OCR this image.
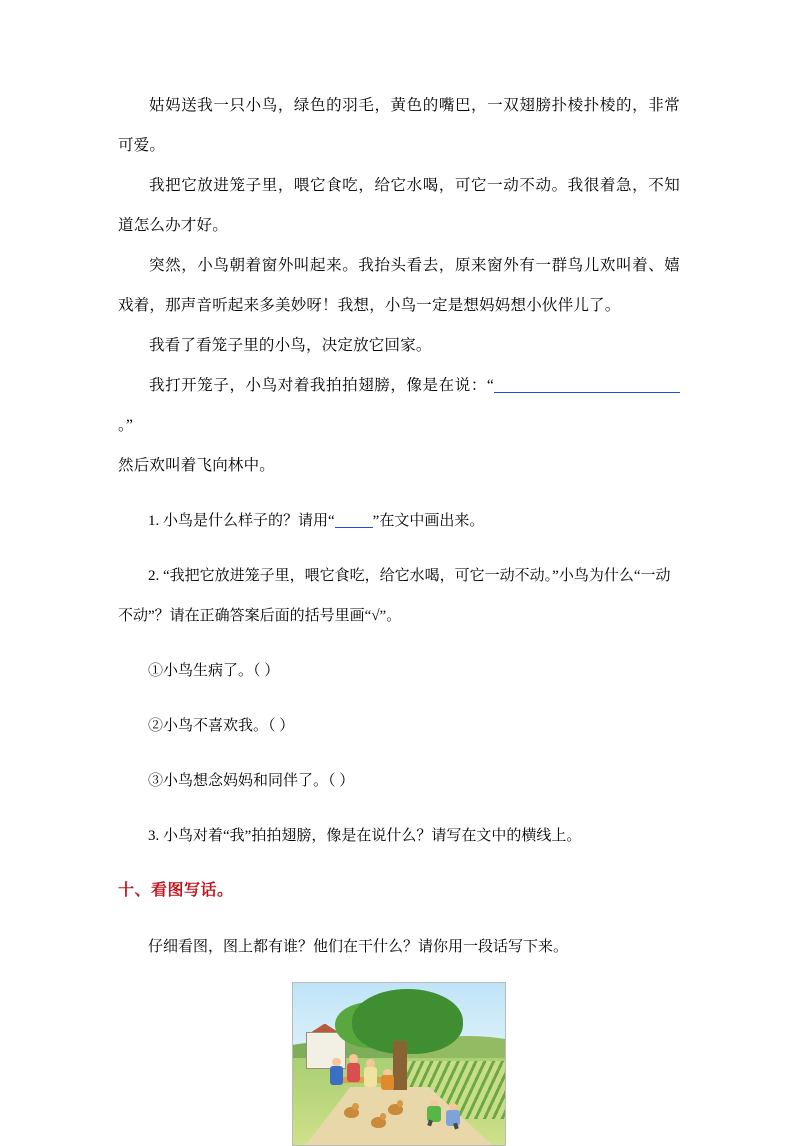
姑妈送我一只小鸟，绿色的羽毛，黄色的嘴巴，一双翅膀扑棱扑棱的，非常可爱。

我把它放进笼子里，喂它食吃，给它水喝，可它一动不动。我很着急，不知道怎么办才好。

突然，小鸟朝着窗外叫起来。我抬头看去，原来窗外有一群鸟儿欢叫着、嬉戏着，那声音听起来多美妙呀！我想，小鸟一定是想妈妈想小伙伴儿了。

我看了看笼子里的小鸟，决定放它回家。

我打开笼子，小鸟对着我拍拍翅膀，像是在说：“。”

然后欢叫着飞向林中。

1. 小鸟是什么样子的？请用“	”在文中画出来。

2. “我把它放进笼子里，喂它食吃，给它水喝，可它一动不动。”小鸟为什么“一动不动”？请在正确答案后面的括号里画“√”。

①小鸟生病了。（ ）

②小鸟不喜欢我。（ ）

③小鸟想念妈妈和同伴了。（ ）

3. 小鸟对着“我”拍拍翅膀，像是在说什么？请写在文中的横线上。

十、看图写话。

仔细看图，图上都有谁？他们在干什么？请你用一段话写下来。
